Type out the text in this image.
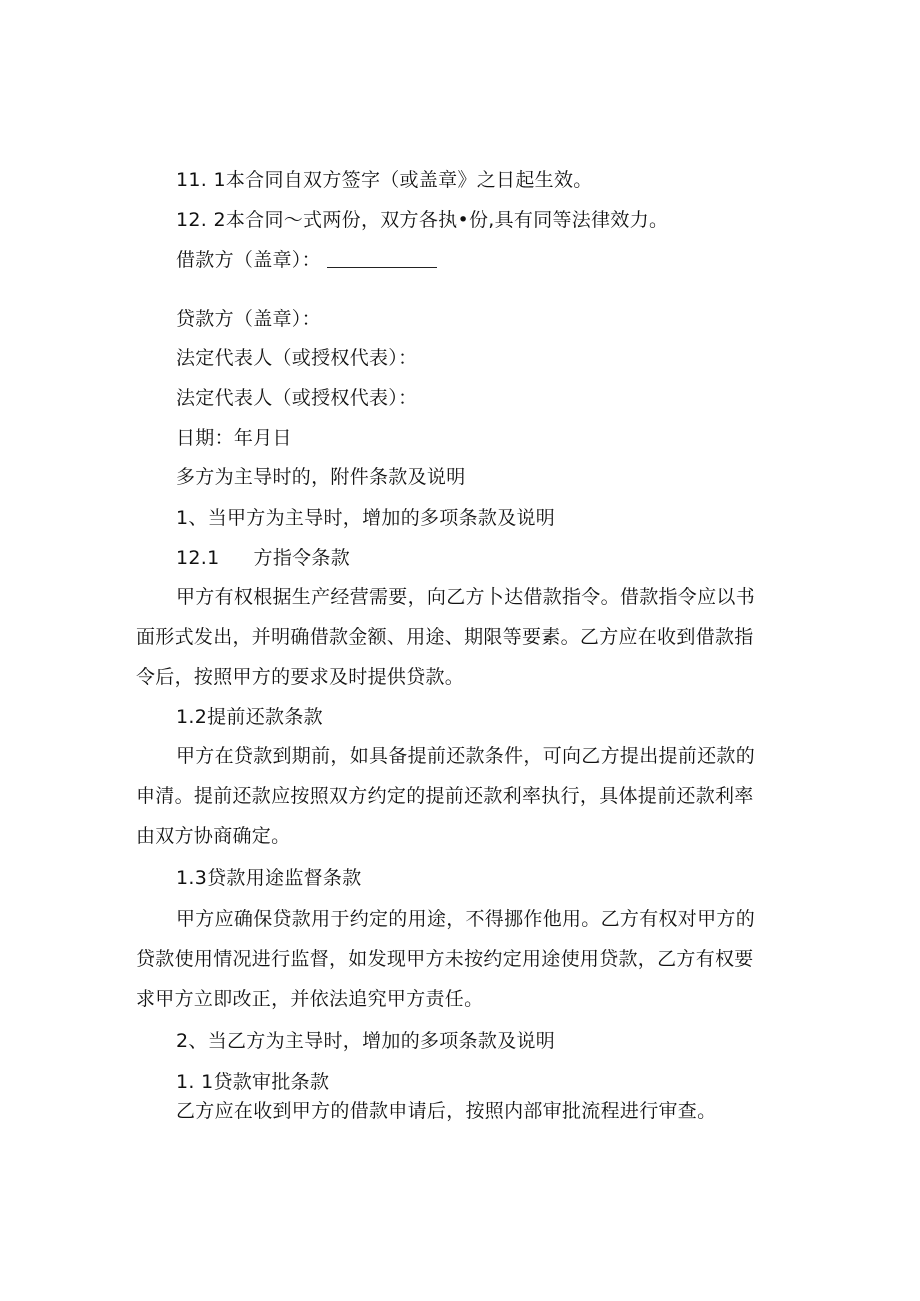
11. 1本合同自双方签字（或盖章》之日起生效。
12. 2本合同～式两份，双方各执•份,具有同等法律效力。
借款方（盖章）：
贷款方（盖章）：
法定代表人（或授权代表）：
法定代表人（或授权代表）：
日期：年月日
多方为主导时的，附件条款及说明
1、当甲方为主导时，增加的多项条款及说明
12.1 方指令条款
甲方有权根据生产经营需要，向乙方卜达借款指令。借款指令应以书
面形式发出，并明确借款金额、用途、期限等要素。乙方应在收到借款指
令后，按照甲方的要求及时提供贷款。
1.2提前还款条款
甲方在贷款到期前，如具备提前还款条件，可向乙方提出提前还款的
申清。提前还款应按照双方约定的提前还款利率执行，具体提前还款利率
由双方协商确定。
1.3贷款用途监督条款
甲方应确保贷款用于约定的用途，不得挪作他用。乙方有权对甲方的
贷款使用情况进行监督，如发现甲方未按约定用途使用贷款，乙方有权要
求甲方立即改正，并依法追究甲方责任。
2、当乙方为主导时，增加的多项条款及说明
1. 1贷款审批条款
乙方应在收到甲方的借款申请后，按照内部审批流程进行审查。
